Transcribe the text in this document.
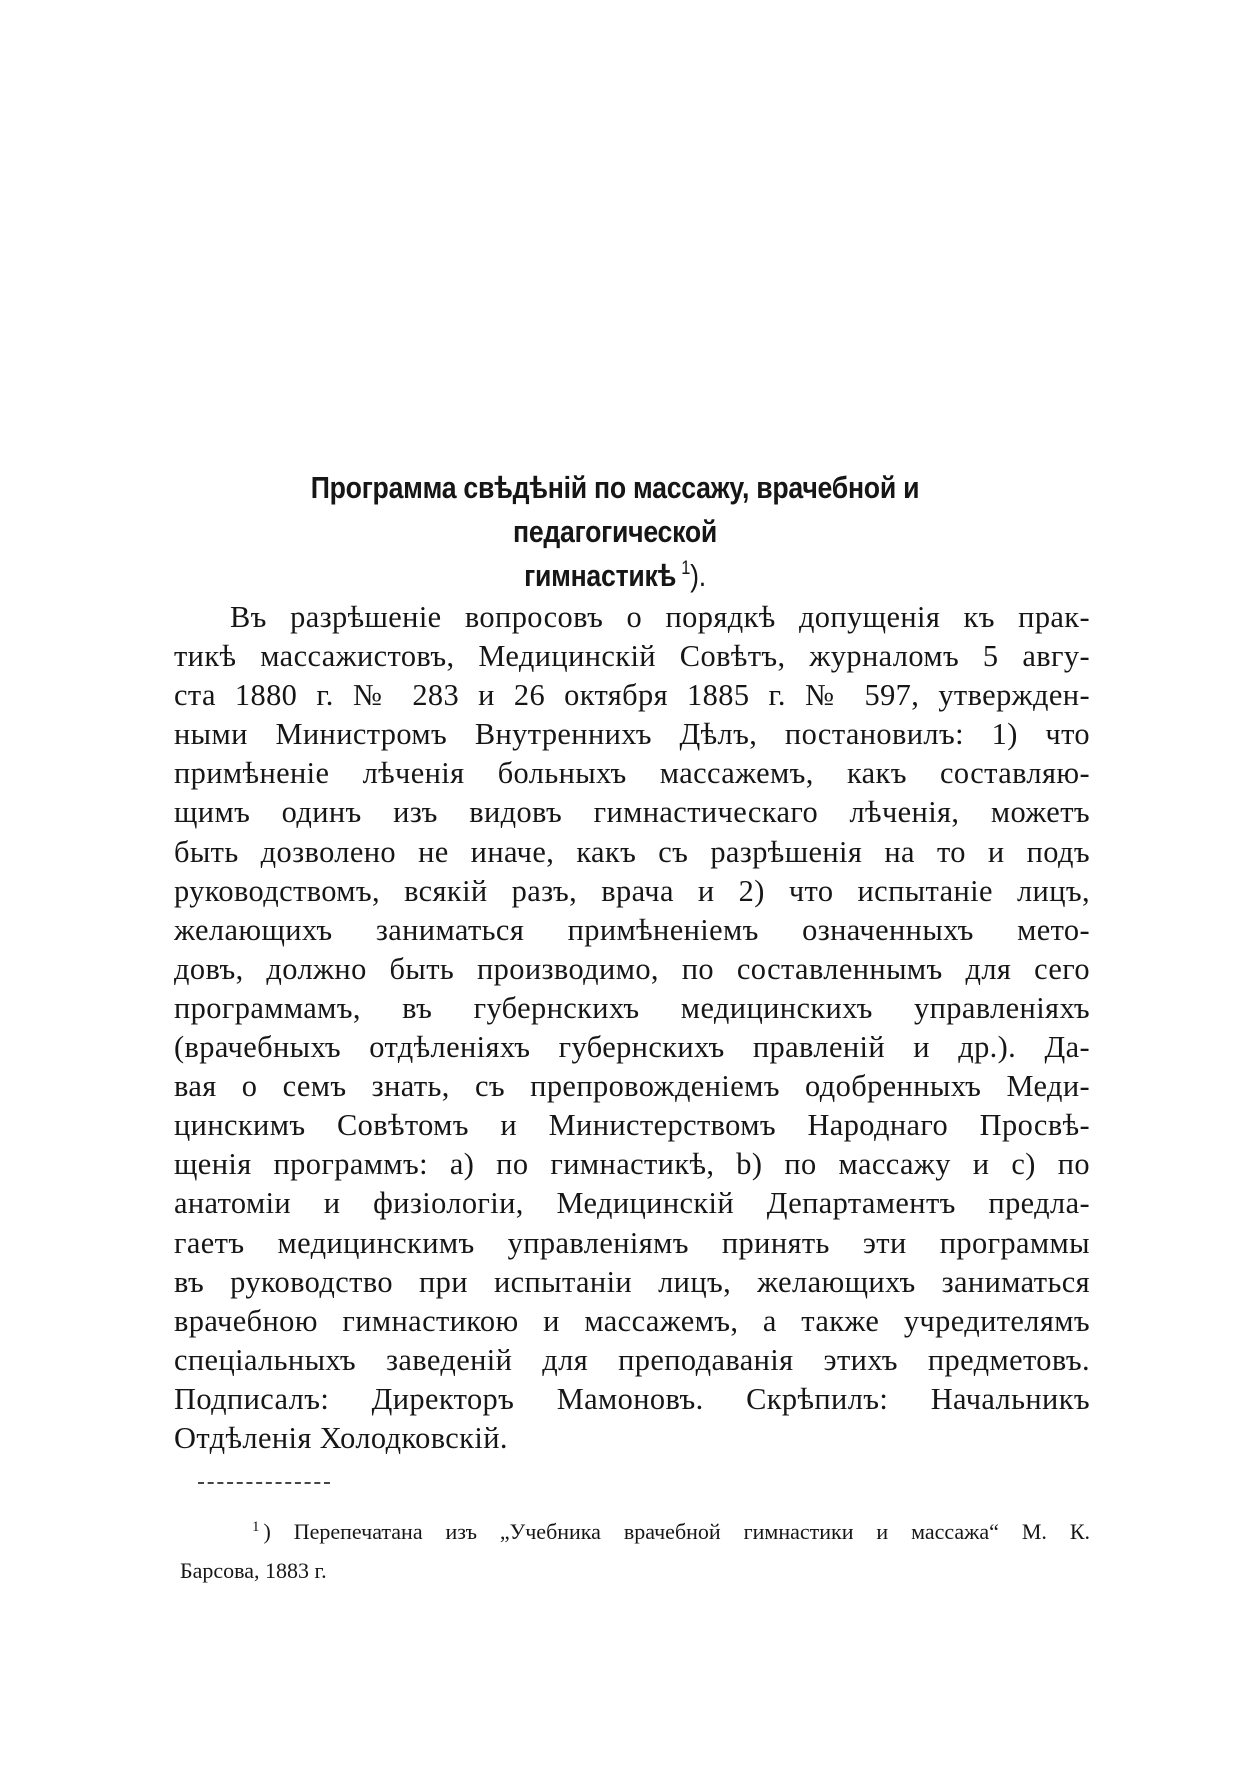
Программа свѣдѣній по массажу, врачебной и педагогической
гимнастикѣ $^1$).
Въ разрѣшеніе вопросовъ о порядкѣ допущенія къ прак-
тикѣ массажистовъ, Медицинскій Совѣтъ, журналомъ 5 авгу-
ста 1880 г. № 283 и 26 октября 1885 г. № 597, утвержден-
ными Министромъ Внутреннихъ Дѣлъ, постановилъ: 1) что
примѣненіе лѣченія больныхъ массажемъ, какъ составляю-
щимъ одинъ изъ видовъ гимнастическаго лѣченія, можетъ
быть дозволено не иначе, какъ съ разрѣшенія на то и подъ
руководствомъ, всякій разъ, врача и 2) что испытаніе лицъ,
желающихъ заниматься примѣненіемъ означенныхъ мето-
довъ, должно быть производимо, по составленнымъ для сего
программамъ, въ губернскихъ медицинскихъ управленіяхъ
(врачебныхъ отдѣленіяхъ губернскихъ правленій и др.). Да-
вая о семъ знать, съ препровожденіемъ одобренныхъ Меди-
цинскимъ Совѣтомъ и Министерствомъ Народнаго Просвѣ-
щенія программъ: a) по гимнастикѣ, b) по массажу и c) по
анатоміи и физіологіи, Медицинскій Департаментъ предла-
гаетъ медицинскимъ управленіямъ принять эти программы
въ руководство при испытаніи лицъ, желающихъ заниматься
врачебною гимнастикою и массажемъ, а также учредителямъ
спеціальныхъ заведеній для преподаванія этихъ предметовъ.
Подписалъ: Директоръ Мамоновъ. Скрѣпилъ: Начальникъ
Отдѣленія Холодковскій.
$^1$ ) Перепечатана изъ „Учебника врачебной гимнастики и массажа“ М. К.
Барсова, 1883 г.
